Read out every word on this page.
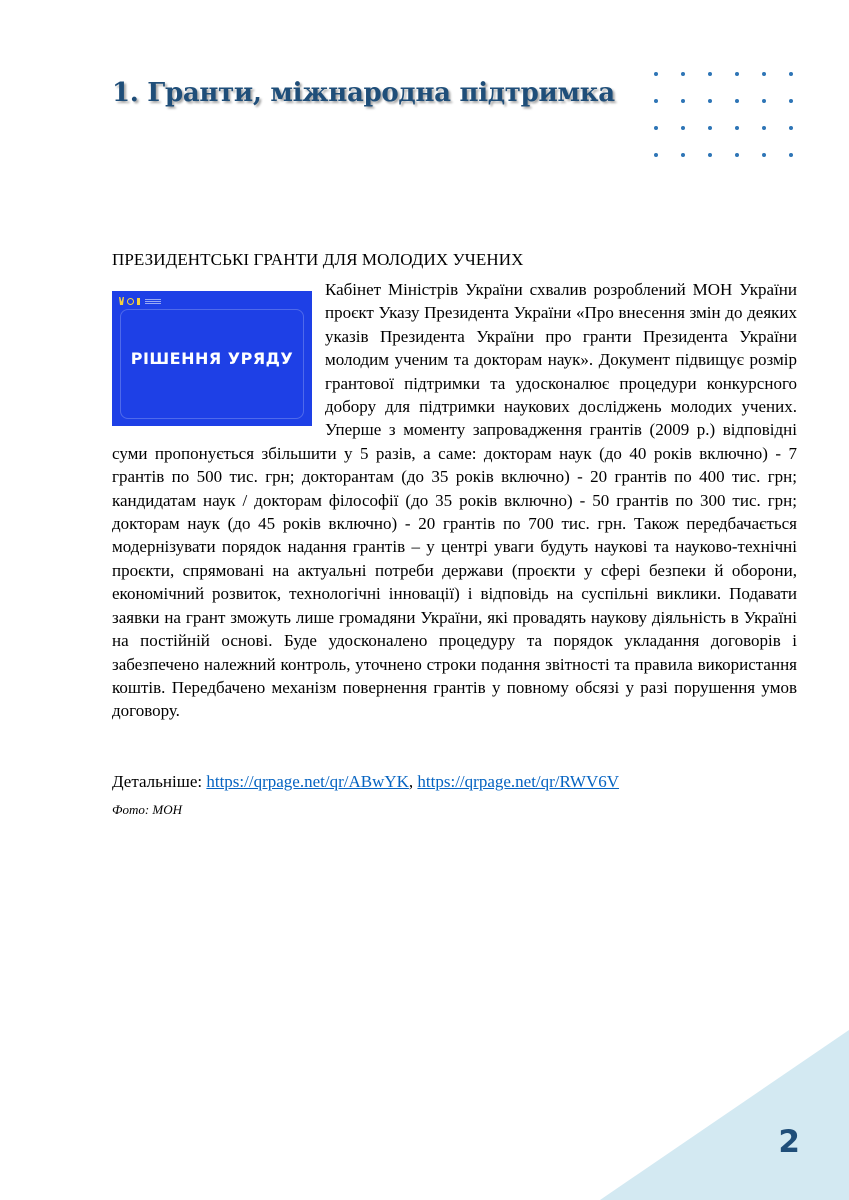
1. Гранти, міжнародна підтримка
ПРЕЗИДЕНТСЬКІ ГРАНТИ ДЛЯ МОЛОДИХ УЧЕНИХ
РІШЕННЯ УРЯДУ

Кабінет Міністрів України схвалив розроблений МОН України проєкт Указу Президента України «Про внесення змін до деяких указів Президента України про гранти Президента України молодим ученим та докторам наук». Документ підвищує розмір грантової підтримки та удосконалює процедури конкурсного добору для підтримки наукових досліджень молодих учених. Уперше з моменту запровадження грантів (2009 р.) відповідні суми пропонується збільшити у 5 разів, а саме: докторам наук (до 40 років включно) - 7 грантів по 500 тис. грн; докторантам (до 35 років включно) - 20 грантів по 400 тис. грн; кандидатам наук / докторам філософії (до 35 років включно) - 50 грантів по 300 тис. грн; докторам наук (до 45 років включно) - 20 грантів по 700 тис. грн. Також передбачається модернізувати порядок надання грантів – у центрі уваги будуть наукові та науково-технічні проєкти, спрямовані на актуальні потреби держави (проєкти у сфері безпеки й оборони, економічний розвиток, технологічні інновації) і відповідь на суспільні виклики. Подавати заявки на грант зможуть лише громадяни України, які провадять наукову діяльність в Україні на постійній основі. Буде удосконалено процедуру та порядок укладання договорів і забезпечено належний контроль, уточнено строки подання звітності та правила використання коштів. Передбачено механізм повернення грантів у повному обсязі у разі порушення умов договору.

Детальніше: https://qrpage.net/qr/ABwYK, https://qrpage.net/qr/RWV6V

Фото: МОН

2
